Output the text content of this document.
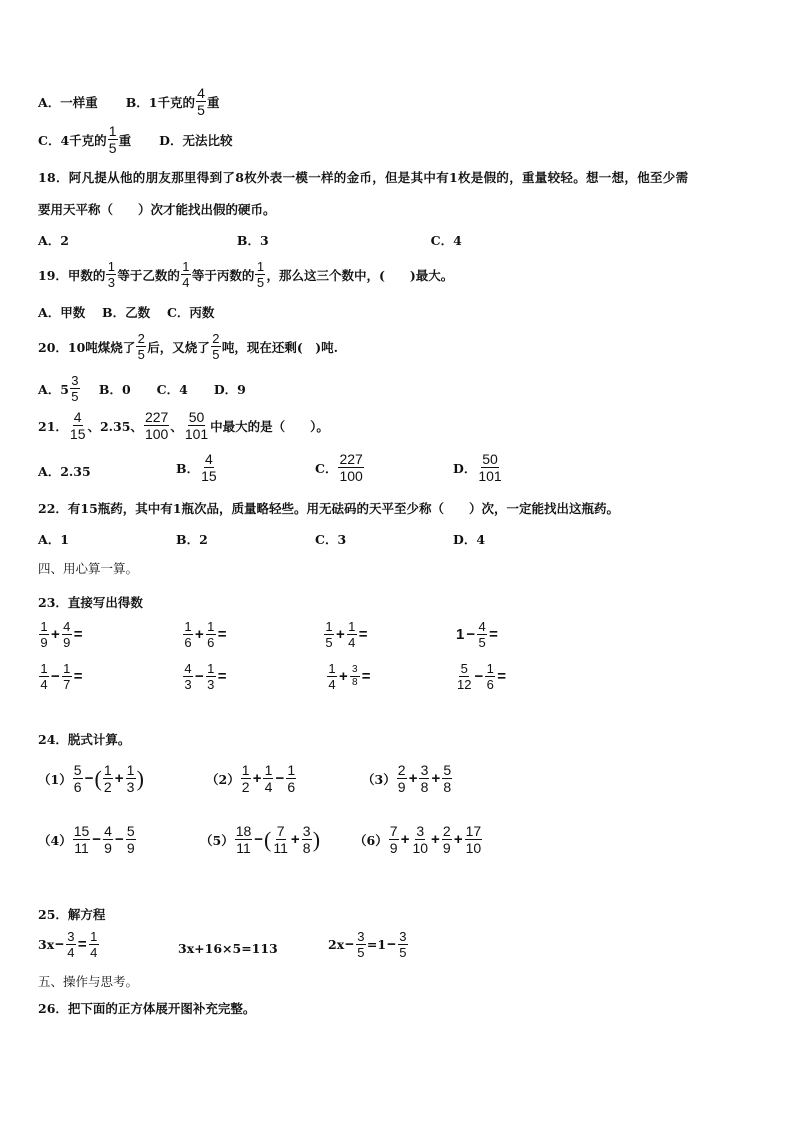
A．一样重 B．1千克的 $\frac{4}{5}$ 重
C．4千克的 $\frac{1}{5}$ 重 D．无法比较
18．阿凡提从他的朋友那里得到了8枚外表一模一样的金币，但是其中有1枚是假的，重量较轻。想一想，他至少需
要用天平称（　　）次才能找出假的硬币。
A．2	B．3	C．4
19．甲数的 $\frac{1}{3}$ 等于乙数的 $\frac{1}{4}$ 等于丙数的 $\frac{1}{5}$ ，那么这三个数中，(　　)最大。
A．甲数　 B．乙数　 C．丙数
20．10吨煤烧了 $\frac{2}{5}$ 后，又烧了 $\frac{2}{5}$ 吨，现在还剩(　)吨.
A．$5 \frac{3}{5}$ B．0 C．4 D．9
21． $\frac{4}{15}$ 、2.35、 $\frac{227}{100}$ 、 $\frac{50}{101}$ 中最大的是（　　）。
A．2.35	B． $\frac{4}{15}$	C． $\frac{227}{100}$	D． $\frac{50}{101}$
22．有15瓶药，其中有1瓶次品，质量略轻些。用无砝码的天平至少称（　　）次，一定能找出这瓶药。
A．1	B．2	C．3	D．4
四、用心算一算。
23．直接写出得数
$\frac{1}{9} + \frac{4}{9}$ =	$\frac{1}{6} + \frac{1}{6}$ =	$\frac{1}{5} + \frac{1}{4}$ =	$1 - \frac{4}{5}$ =
$\frac{1}{4} - \frac{1}{7}$ =	$\frac{4}{3} - \frac{1}{3}$ =	$\frac{1}{4} + \frac{3}{8}$ =	$\frac{5}{12} - \frac{1}{6}$ =
24．脱式计算。
$(1) \frac{5}{6}$ − ( $\frac{1}{2} + \frac{1}{3}$ )	$(2) \frac{1}{2} + \frac{1}{4} - \frac{1}{6}$	$(3) \frac{2}{9} + \frac{3}{8} + \frac{5}{8}$
$(4) \frac{15}{11} - \frac{4}{9} - \frac{5}{9}$	$(5) \frac{18}{11}$ − ( $\frac{7}{11} + \frac{3}{8}$ )	$(6) \frac{7}{9} + \frac{3}{10} + \frac{2}{9} + \frac{17}{10}$
25．解方程
$3x - \frac{3}{4} = \frac{1}{4}$	3x+16×5=113	$2x - \frac{3}{5} =1 - \frac{3}{5}$
五、操作与思考。
26．把下面的正方体展开图补充完整。
